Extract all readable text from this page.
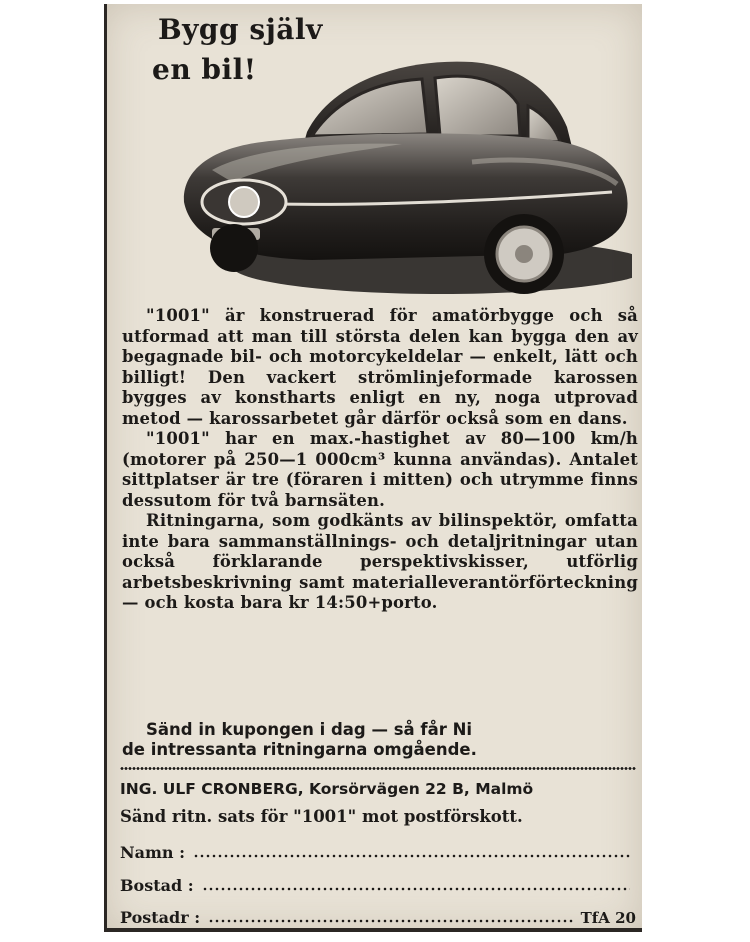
Bygg själv
en bil!

"1001" är konstruerad för amatörbygge och så utformad att man till största delen kan bygga den av begagnade bil- och motorcykeldelar — enkelt, lätt och billigt! Den vackert strömlinjeformade karossen bygges av konstharts enligt en ny, noga utprovad metod — karossarbetet går därför också som en dans.

"1001" har en max.-hastighet av 80—100 km/h (motorer på 250—1 000cm³ kunna användas). Antalet sittplatser är tre (föraren i mitten) och utrymme finns dessutom för två barnsäten.

Ritningarna, som godkänts av bilinspektör, omfatta inte bara sammanställnings- och detaljritningar utan också förklarande perspektivskisser, utförlig arbetsbeskrivning samt materialleverantörförteckning — och kosta bara kr 14:50+porto.

Sänd in kupongen i dag — så får Ni

de intressanta ritningarna omgående.

ING. ULF CRONBERG, Korsörvägen 22 B, Malmö

Sänd ritn. sats för "1001" mot postförskott.

Namn :
Bostad :
Postadr :	TfA 20
